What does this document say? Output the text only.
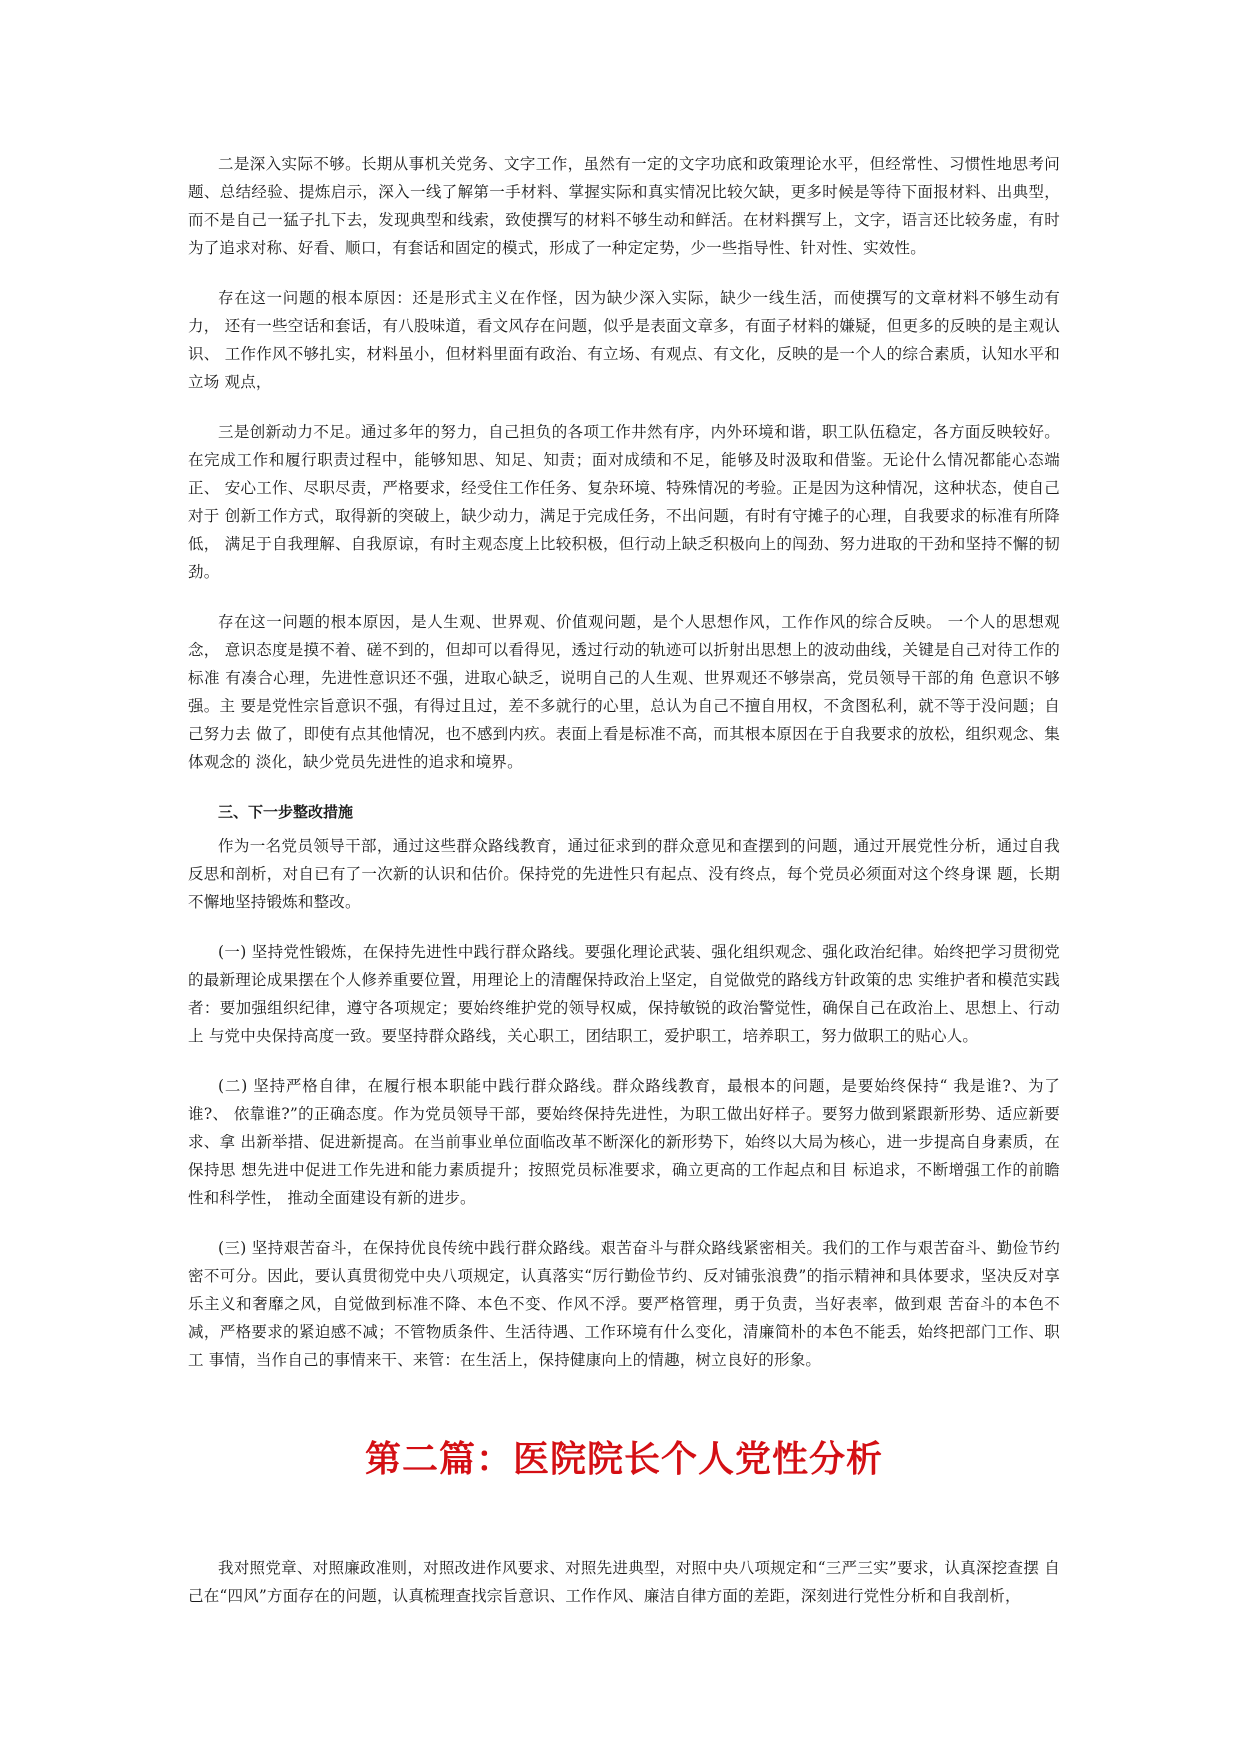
二是深入实际不够。长期从事机关党务、文字工作，虽然有一定的文字功底和政策理论水平，但经常性、习惯性地思考问 题、总结经验、提炼启示，深入一线了解第一手材料、掌握实际和真实情况比较欠缺，更多时候是等待下面报材料、出典型， 而不是自己一猛子扎下去，发现典型和线索，致使撰写的材料不够生动和鲜活。在材料撰写上，文字，语言还比较务虚，有时 为了追求对称、好看、顺口，有套话和固定的模式，形成了一种定定势，少一些指导性、针对性、实效性。

存在这一问题的根本原因：还是形式主义在作怪，因为缺少深入实际，缺少一线生活，而使撰写的文章材料不够生动有力， 还有一些空话和套话，有八股味道，看文风存在问题，似乎是表面文章多，有面子材料的嫌疑，但更多的反映的是主观认识、 工作作风不够扎实，材料虽小，但材料里面有政治、有立场、有观点、有文化，反映的是一个人的综合素质，认知水平和立场 观点，

三是创新动力不足。通过多年的努力，自己担负的各项工作井然有序，内外环境和谐，职工队伍稳定，各方面反映较好。在完成工作和履行职责过程中，能够知思、知足、知责；面对成绩和不足，能够及时汲取和借鉴。无论什么情况都能心态端正、 安心工作、尽职尽责，严格要求，经受住工作任务、复杂环境、特殊情况的考验。正是因为这种情况，这种状态，使自己对于 创新工作方式，取得新的突破上，缺少动力，满足于完成任务，不出问题，有时有守摊子的心理，自我要求的标准有所降低， 满足于自我理解、自我原谅，有时主观态度上比较积极，但行动上缺乏积极向上的闯劲、努力进取的干劲和坚持不懈的韧劲。

存在这一问题的根本原因，是人生观、世界观、价值观问题，是个人思想作风，工作作风的综合反映。 一个人的思想观念， 意识态度是摸不着、磋不到的，但却可以看得见，透过行动的轨迹可以折射出思想上的波动曲线，关键是自己对待工作的标准 有凑合心理，先进性意识还不强，进取心缺乏，说明自己的人生观、世界观还不够崇高，党员领导干部的角 色意识不够强。主 要是党性宗旨意识不强，有得过且过，差不多就行的心里，总认为自己不擅自用权，不贪图私利，就不等于没问题；自己努力去 做了，即使有点其他情况，也不感到内疚。表面上看是标准不高，而其根本原因在于自我要求的放松，组织观念、集体观念的 淡化，缺少党员先进性的追求和境界。

三、下一步整改措施

作为一名党员领导干部，通过这些群众路线教育，通过征求到的群众意见和查摆到的问题，通过开展党性分析，通过自我反思和剖析，对自已有了一次新的认识和估价。保持党的先进性只有起点、没有终点，每个党员必须面对这个终身课 题，长期 不懈地坚持锻炼和整改。

(一) 坚持党性锻炼，在保持先进性中践行群众路线。要强化理论武装、强化组织观念、强化政治纪律。始终把学习贯彻党 的最新理论成果摆在个人修养重要位置，用理论上的清醒保持政治上坚定，自觉做党的路线方针政策的忠 实维护者和模范实践 者：要加强组织纪律，遵守各项规定；要始终维护党的领导权威，保持敏锐的政治警觉性，确保自己在政治上、思想上、行动上 与党中央保持高度一致。要坚持群众路线，关心职工，团结职工，爱护职工，培养职工，努力做职工的贴心人。

(二) 坚持严格自律，在履行根本职能中践行群众路线。群众路线教育，最根本的问题，是要始终保持“ 我是谁?、为了谁?、 依靠谁?”的正确态度。作为党员领导干部，要始终保持先进性，为职工做出好样子。要努力做到紧跟新形势、适应新要求、拿 出新举措、促进新提高。在当前事业单位面临改革不断深化的新形势下，始终以大局为核心，进一步提高自身素质，在保持思 想先进中促进工作先进和能力素质提升；按照党员标准要求，确立更高的工作起点和目 标追求，不断增强工作的前瞻性和科学性， 推动全面建设有新的进步。

(三) 坚持艰苦奋斗，在保持优良传统中践行群众路线。艰苦奋斗与群众路线紧密相关。我们的工作与艰苦奋斗、勤俭节约密不可分。因此，要认真贯彻党中央八项规定，认真落实“厉行勤俭节约、反对铺张浪费”的指示精神和具体要求，坚决反对享乐主义和奢靡之风，自觉做到标准不降、本色不变、作风不浮。要严格管理，勇于负责，当好表率，做到艰 苦奋斗的本色不减，严格要求的紧迫感不减；不管物质条件、生活待遇、工作环境有什么变化，清廉简朴的本色不能丢，始终把部门工作、职工 事情，当作自己的事情来干、来管：在生活上，保持健康向上的情趣，树立良好的形象。

第二篇：医院院长个人党性分析

我对照党章、对照廉政准则，对照改进作风要求、对照先进典型，对照中央八项规定和“三严三实”要求，认真深挖查摆 自己在“四风”方面存在的问题，认真梳理查找宗旨意识、工作作风、廉洁自律方面的差距，深刻进行党性分析和自我剖析，
